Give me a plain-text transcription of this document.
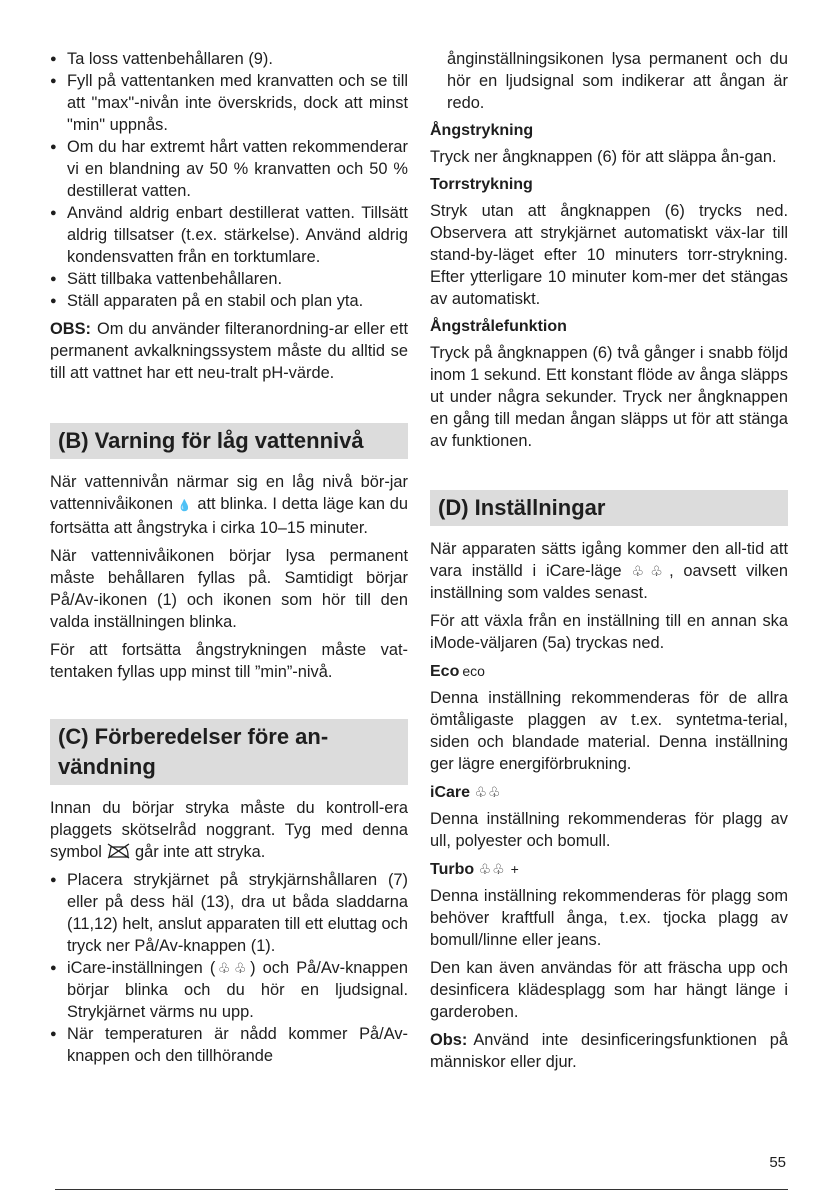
● Ta loss vattenbehållaren (9).
● Fyll på vattentanken med kranvatten och se till att "max"-nivån inte överskrids, dock att minst "min" uppnås.
● Om du har extremt hårt vatten rekommenderar vi en blandning av 50 % kranvatten och 50 % destillerat vatten.
● Använd aldrig enbart destillerat vatten. Tillsätt aldrig tillsatser (t.ex. stärkelse). Använd aldrig kondensvatten från en torktumlare.
● Sätt tillbaka vattenbehållaren.
● Ställ apparaten på en stabil och plan yta.

OBS: Om du använder filteranordning-ar eller ett permanent avkalkningssystem måste du alltid se till att vattnet har ett neu-tralt pH-värde.

(B) Varning för låg vattennivå

När vattennivån närmar sig en låg nivå bör-jar vattennivåikonen 💧 att blinka. I detta läge kan du fortsätta att ångstryka i cirka 10–15 minuter.

När vattennivåikonen börjar lysa permanent måste behållaren fyllas på. Samtidigt börjar På/Av-ikonen (1) och ikonen som hör till den valda inställningen blinka.

För att fortsätta ångstrykningen måste vat-tentaken fyllas upp minst till ”min”-nivå.

(C) Förberedelser före an-
vändning

Innan du börjar stryka måste du kontroll-era plaggets skötselråd noggrant. Tyg med denna symbol går inte att stryka.

● Placera strykjärnet på strykjärnshållaren (7) eller på dess häl (13), dra ut båda sladdarna (11,12) helt, anslut apparaten till ett eluttag och tryck ner På/Av-knappen (1).
● iCare-inställningen (♧♧) och På/Av-knappen börjar blinka och du hör en ljudsignal. Strykjärnet värms nu upp.
● När temperaturen är nådd kommer På/Av-knappen och den tillhörande

ånginställningsikonen lysa permanent och du hör en ljudsignal som indikerar att ångan är redo.

Ångstrykning

Tryck ner ångknappen (6) för att släppa ån-gan.

Torrstrykning

Stryk utan att ångknappen (6) trycks ned. Observera att strykjärnet automatiskt väx-lar till stand-by-läget efter 10 minuters torr-strykning. Efter ytterligare 10 minuter kom-mer det stängas av automatiskt.

Ångstrålefunktion

Tryck på ångknappen (6) två gånger i snabb följd inom 1 sekund. Ett konstant flöde av ånga släpps ut under några sekunder. Tryck ner ångknappen en gång till medan ångan släpps ut för att stänga av funktionen.

(D) Inställningar

När apparaten sätts igång kommer den all-tid att vara inställd i iCare-läge ♧♧, oavsett vilken inställning som valdes senast.

För att växla från en inställning till en annan ska iMode-väljaren (5a) tryckas ned.

Eco eco

Denna inställning rekommenderas för de allra ömtåligaste plaggen av t.ex. syntetma-terial, siden och blandade material. Denna inställning ger lägre energiförbrukning.

iCare ♧♧

Denna inställning rekommenderas för plagg av ull, polyester och bomull.

Turbo ♧♧ +

Denna inställning rekommenderas för plagg som behöver kraftfull ånga, t.ex. tjocka plagg av bomull/linne eller jeans.

Den kan även användas för att fräscha upp och desinficera klädesplagg som har hängt länge i garderoben.

Obs: Använd inte desinficeringsfunktionen på människor eller djur.

55
